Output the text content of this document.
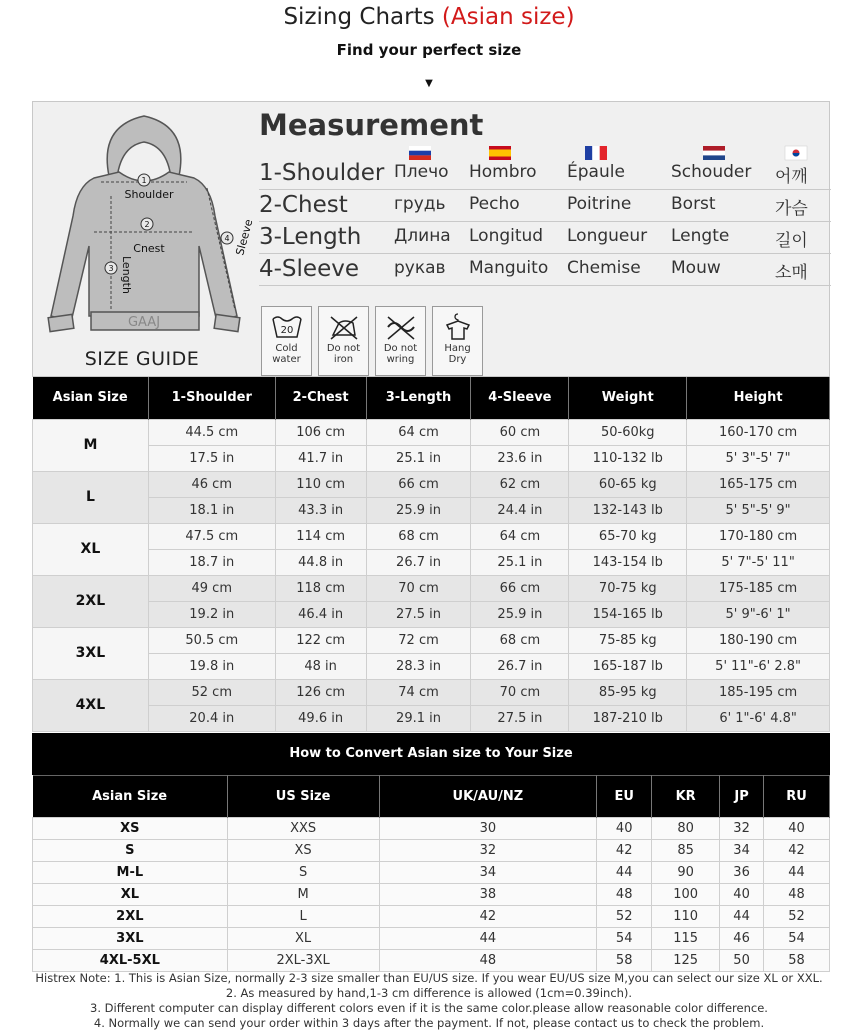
Sizing Charts (Asian size)
Find your perfect size
▼
1
2
3
4
Shoulder
Cnest
Length
Sleeve
GAAJ
SIZE GUIDE
Measurement
1-Shoulder Плечо Hombro Épaule	Schouder 어깨
2-Chest	грудь Pecho	Poitrine Borst	가슴
3-Length Длина Longitud Longueur Lengte	길이
4-Sleeve рукав Manguito Chemise Mouw	소매
20
Cold
water
Do not
iron
Do not
wring
Hang
Dry
Asian Size	1-Shoulder	2-Chest	3-Length	4-Sleeve	Weight	Height
M	44.5 cm	106 cm	64 cm	60 cm	50-60kg	160-170 cm
	17.5 in	41.7 in	25.1 in	23.6 in	110-132 lb	5' 3"-5' 7"
L	46 cm	110 cm	66 cm	62 cm	60-65 kg	165-175 cm
	18.1 in	43.3 in	25.9 in	24.4 in	132-143 lb	5' 5"-5' 9"
XL	47.5 cm	114 cm	68 cm	64 cm	65-70 kg	170-180 cm
	18.7 in	44.8 in	26.7 in	25.1 in	143-154 lb	5' 7"-5' 11"
2XL	49 cm	118 cm	70 cm	66 cm	70-75 kg	175-185 cm
	19.2 in	46.4 in	27.5 in	25.9 in	154-165 lb	5' 9"-6' 1"
3XL	50.5 cm	122 cm	72 cm	68 cm	75-85 kg	180-190 cm
	19.8 in	48 in	28.3 in	26.7 in	165-187 lb	5' 11"-6' 2.8"
4XL	52 cm	126 cm	74 cm	70 cm	85-95 kg	185-195 cm
	20.4 in	49.6 in	29.1 in	27.5 in	187-210 lb	6' 1"-6' 4.8"
How to Convert Asian size to Your Size
Asian Size	US Size	UK/AU/NZ	EU	KR	JP	RU
XS	XXS	30	40	80	32	40
S	XS	32	42	85	34	42
M-L	S	34	44	90	36	44
XL	M	38	48	100	40	48
2XL	L	42	52	110	44	52
3XL	XL	44	54	115	46	54
4XL-5XL	2XL-3XL	48	58	125	50	58
Histrex Note: 1. This is Asian Size, normally 2-3 size smaller than EU/US size. If you wear EU/US size M,you can select our size XL or XXL.
2. As measured by hand,1-3 cm difference is allowed (1cm=0.39inch).
3. Different computer can display different colors even if it is the same color.please allow reasonable color difference.
4. Normally we can send your order within 3 days after the payment. If not, please contact us to check the problem.
